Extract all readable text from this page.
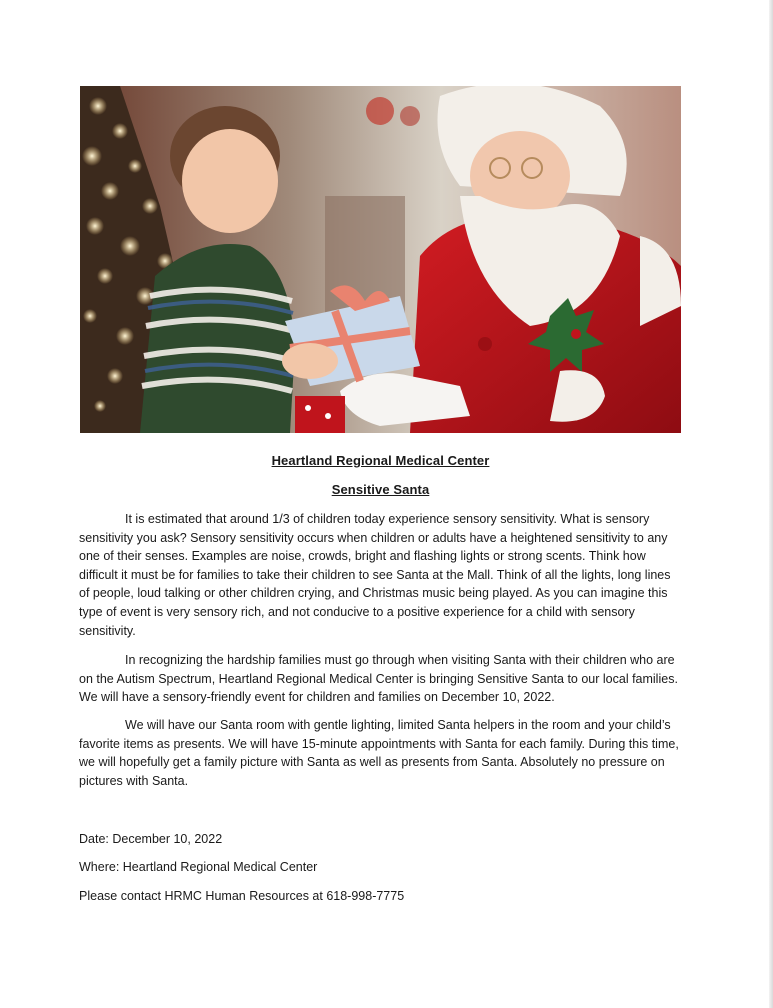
Heartland Regional Medical Center
Sensitive Santa

It is estimated that around 1/3 of children today experience sensory sensitivity. What is sensory sensitivity you ask? Sensory sensitivity occurs when children or adults have a heightened sensitivity to any one of their senses. Examples are noise, crowds, bright and flashing lights or strong scents. Think how difficult it must be for families to take their children to see Santa at the Mall. Think of all the lights, long lines of people, loud talking or other children crying, and Christmas music being played. As you can imagine this type of event is very sensory rich, and not conducive to a positive experience for a child with sensory sensitivity.

In recognizing the hardship families must go through when visiting Santa with their children who are on the Autism Spectrum, Heartland Regional Medical Center is bringing Sensitive Santa to our local families. We will have a sensory-friendly event for children and families on December 10, 2022.

We will have our Santa room with gentle lighting, limited Santa helpers in the room and your child’s favorite items as presents. We will have 15-minute appointments with Santa for each family. During this time, we will hopefully get a family picture with Santa as well as presents from Santa. Absolutely no pressure on pictures with Santa.

Date: December 10, 2022

Where: Heartland Regional Medical Center

Please contact HRMC Human Resources at 618-998-7775
